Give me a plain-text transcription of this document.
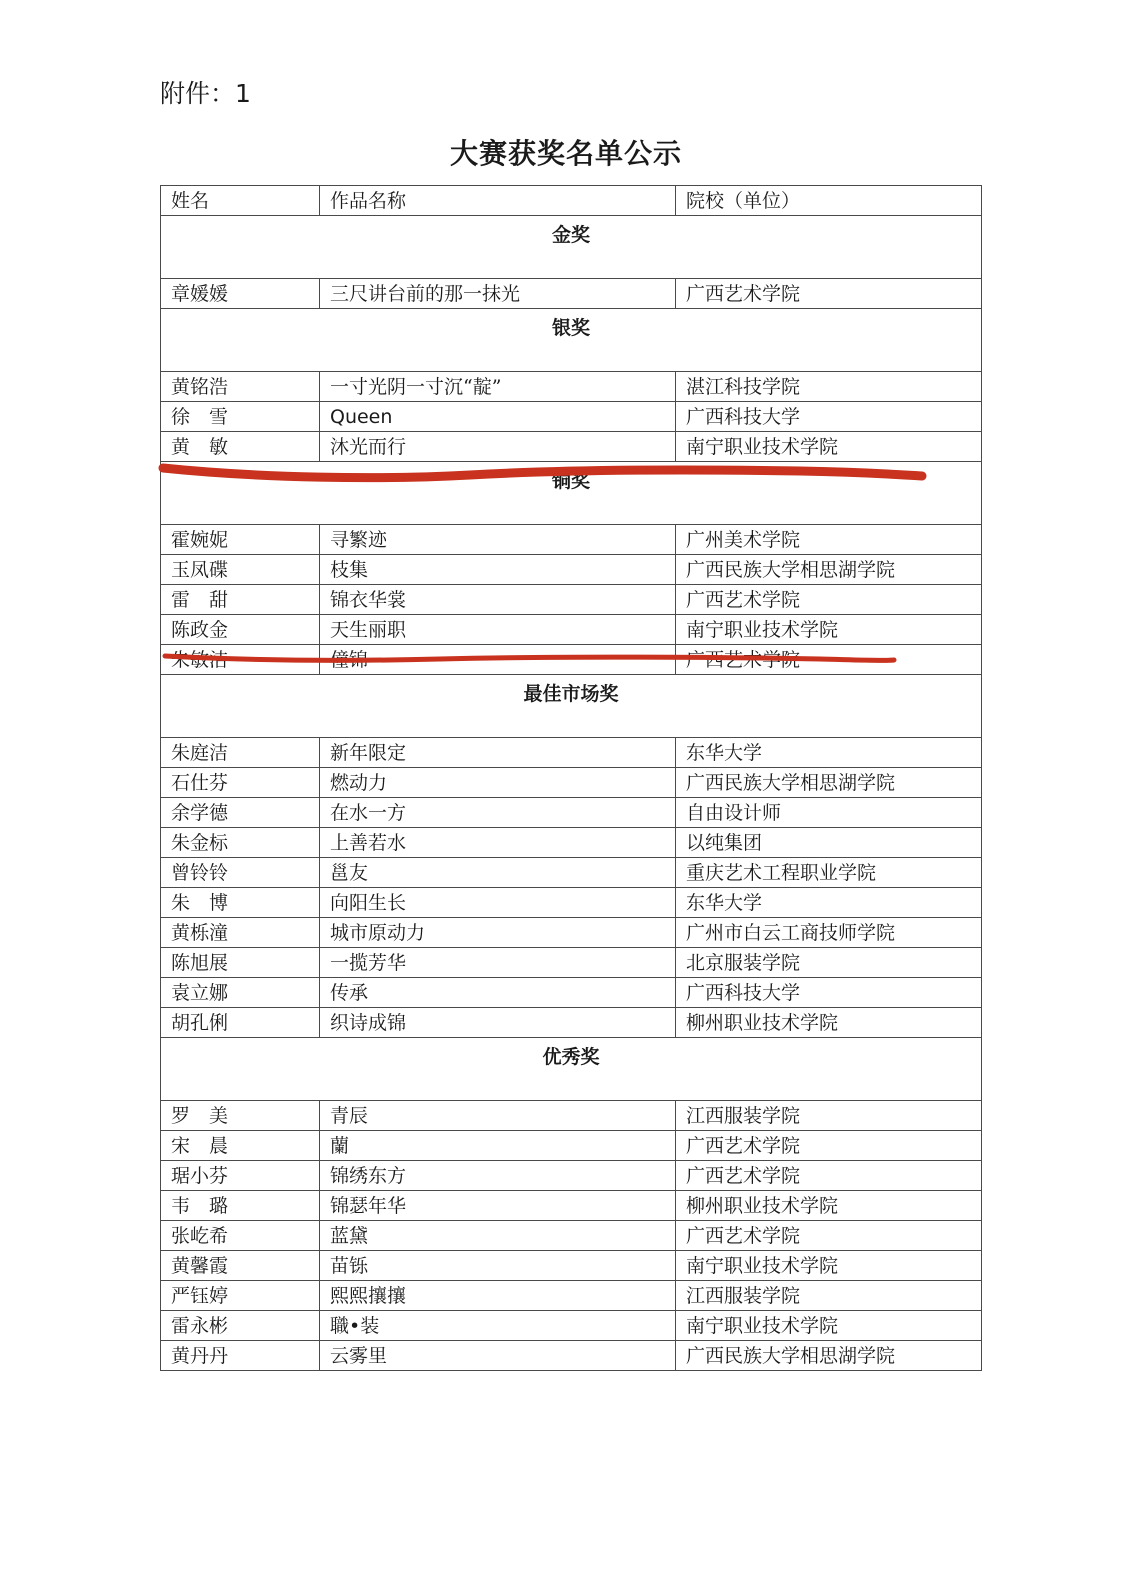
附件：1
大赛获奖名单公示
姓名	作品名称	院校（单位）
金奖		
章媛媛	三尺讲台前的那一抹光	广西艺术学院
银奖		
黄铭浩	一寸光阴一寸沉“靛”	湛江科技学院
徐　雪	Queen	广西科技大学
黄　敏	沐光而行	南宁职业技术学院
铜奖		
霍婉妮	寻繁迹	广州美术学院
玉凤碟	枝集	广西民族大学相思湖学院
雷　甜	锦衣华裳	广西艺术学院
陈政金	天生丽职	南宁职业技术学院
朱敏洁	僮锦	广西艺术学院
最佳市场奖		
朱庭洁	新年限定	东华大学
石仕芬	燃动力	广西民族大学相思湖学院
余学德	在水一方	自由设计师
朱金标	上善若水	以纯集团
曾铃铃	邕友	重庆艺术工程职业学院
朱　博	向阳生长	东华大学
黄栎潼	城市原动力	广州市白云工商技师学院
陈旭展	一揽芳华	北京服装学院
袁立娜	传承	广西科技大学
胡孔俐	织诗成锦	柳州职业技术学院
优秀奖		
罗　美	青辰	江西服装学院
宋　晨	蘭	广西艺术学院
琚小芬	锦绣东方	广西艺术学院
韦　璐	锦瑟年华	柳州职业技术学院
张屹希	蓝黛	广西艺术学院
黄馨霞	苗铄	南宁职业技术学院
严钰婷	熙熙攘攘	江西服装学院
雷永彬	職•装	南宁职业技术学院
黄丹丹	云雾里	广西民族大学相思湖学院
